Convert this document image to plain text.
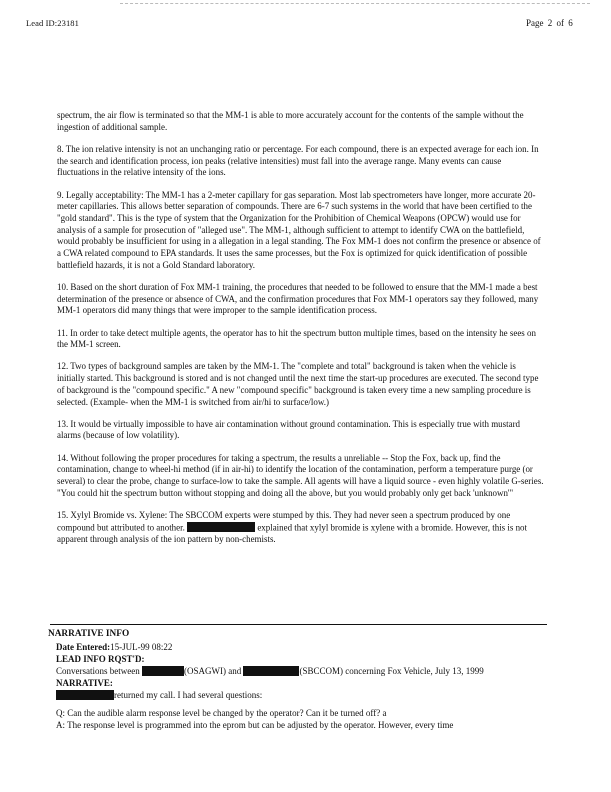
Lead ID:23181	Page 2 of 6

spectrum, the air flow is terminated so that the MM-1 is able to more accurately account for the contents of the sample without the ingestion of additional sample.

8. The ion relative intensity is not an unchanging ratio or percentage. For each compound, there is an expected average for each ion. In the search and identification process, ion peaks (relative intensities) must fall into the average range. Many events can cause fluctuations in the relative intensity of the ions.

9. Legally acceptability: The MM-1 has a 2-meter capillary for gas separation. Most lab spectrometers have longer, more accurate 20-meter capillaries. This allows better separation of compounds. There are 6-7 such systems in the world that have been certified to the "gold standard". This is the type of system that the Organization for the Prohibition of Chemical Weapons (OPCW) would use for analysis of a sample for prosecution of "alleged use". The MM-1, although sufficient to attempt to identify CWA on the battlefield, would probably be insufficient for using in a allegation in a legal standing. The Fox MM-1 does not confirm the presence or absence of a CWA related compound to EPA standards. It uses the same processes, but the Fox is optimized for quick identification of possible battlefield hazards, it is not a Gold Standard laboratory.

10. Based on the short duration of Fox MM-1 training, the procedures that needed to be followed to ensure that the MM-1 made a best determination of the presence or absence of CWA, and the confirmation procedures that Fox MM-1 operators say they followed, many MM-1 operators did many things that were improper to the sample identification process.

11. In order to take detect multiple agents, the operator has to hit the spectrum button multiple times, based on the intensity he sees on the MM-1 screen.

12. Two types of background samples are taken by the MM-1. The "complete and total" background is taken when the vehicle is initially started. This background is stored and is not changed until the next time the start-up procedures are executed. The second type of background is the "compound specific." A new "compound specific" background is taken every time a new sampling procedure is selected. (Example- when the MM-1 is switched from air/hi to surface/low.)

13. It would be virtually impossible to have air contamination without ground contamination. This is especially true with mustard alarms (because of low volatility).

14. Without following the proper procedures for taking a spectrum, the results a unreliable -- Stop the Fox, back up, find the contamination, change to wheel-hi method (if in air-hi) to identify the location of the contamination, perform a temperature purge (or several) to clear the probe, change to surface-low to take the sample. All agents will have a liquid source - even highly volatile G-series. "You could hit the spectrum button without stopping and doing all the above, but you would probably only get back 'unknown'"

15. Xylyl Bromide vs. Xylene: The SBCCOM experts were stumped by this. They had never seen a spectrum produced by one compound but attributed to another.	explained that xylyl bromide is xylene with a bromide. However, this is not apparent through analysis of the ion pattern by non-chemists.

NARRATIVE INFO
Date Entered:15-JUL-99 08:22
LEAD INFO RQST'D:
Conversations between	(OSAGWI) and	(SBCCOM) concerning Fox Vehicle, July 13, 1999
NARRATIVE:
returned my call. I had several questions:
Q: Can the audible alarm response level be changed by the operator? Can it be turned off? a
A: The response level is programmed into the eprom but can be adjusted by the operator. However, every time
